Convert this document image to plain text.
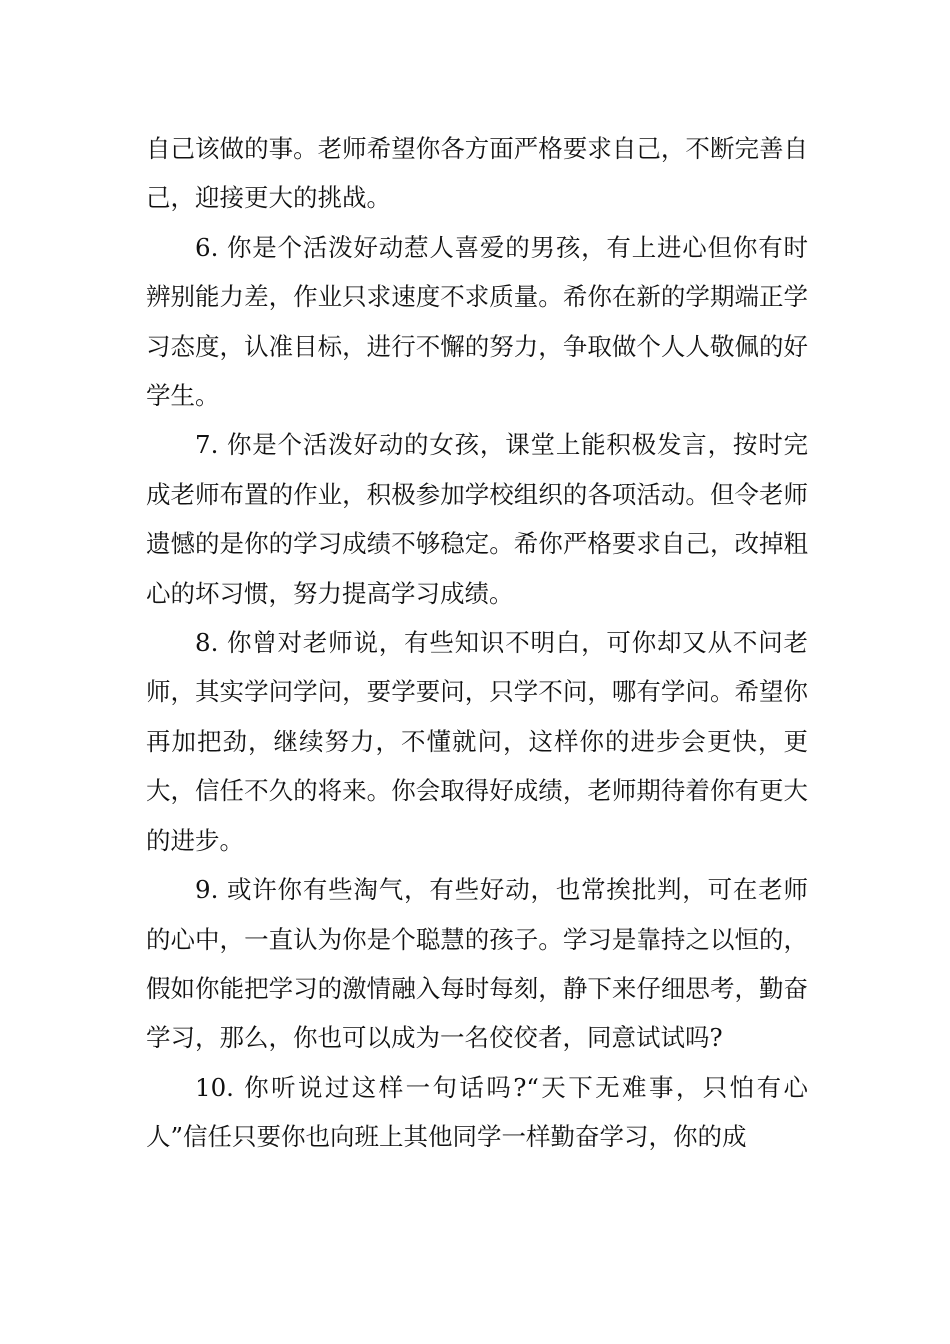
自己该做的事。老师希望你各方面严格要求自己，不断完善自己，迎接更大的挑战。

6. 你是个活泼好动惹人喜爱的男孩，有上进心但你有时辨别能力差，作业只求速度不求质量。希你在新的学期端正学习态度，认准目标，进行不懈的努力，争取做个人人敬佩的好学生。

7. 你是个活泼好动的女孩，课堂上能积极发言，按时完成老师布置的作业，积极参加学校组织的各项活动。但令老师遗憾的是你的学习成绩不够稳定。希你严格要求自己，改掉粗心的坏习惯，努力提高学习成绩。

8. 你曾对老师说，有些知识不明白，可你却又从不问老师，其实学问学问，要学要问，只学不问，哪有学问。希望你再加把劲，继续努力，不懂就问，这样你的进步会更快，更大，信任不久的将来。你会取得好成绩，老师期待着你有更大的进步。

9. 或许你有些淘气，有些好动，也常挨批判，可在老师的心中，一直认为你是个聪慧的孩子。学习是靠持之以恒的，假如你能把学习的激情融入每时每刻，静下来仔细思考，勤奋学习，那么，你也可以成为一名佼佼者，同意试试吗?

10. 你听说过这样一句话吗?“天下无难事，只怕有心人”信任只要你也向班上其他同学一样勤奋学习，你的成
